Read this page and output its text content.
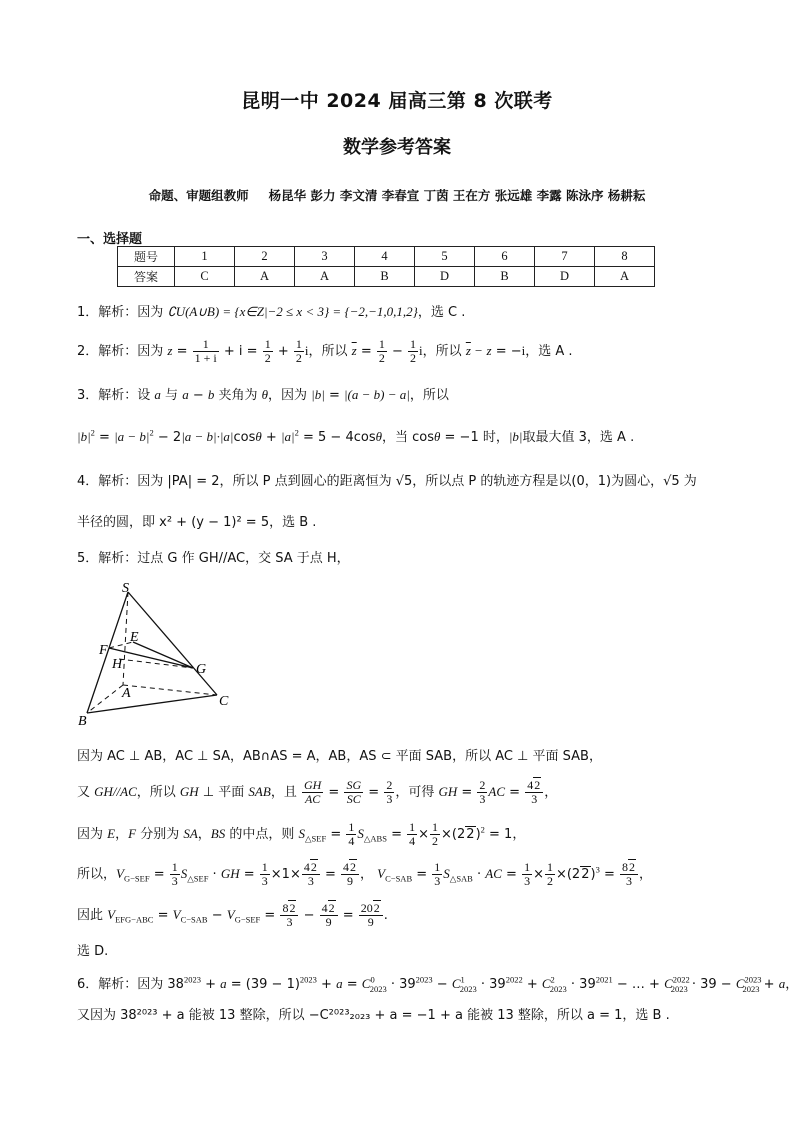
昆明一中 2024 届高三第 8 次联考
数学参考答案
命题、审题组教师 杨昆华 彭力 李文清 李春宣 丁茵 王在方 张远雄 李露 陈泳序 杨耕耘
一、选择题
题号	1	2	3	4	5	6	7	8
答案	C	A	A	B	D	B	D	A
1．解析：因为 ∁U(A∪B) = {x∈Z|−2 ≤ x < 3} = {−2,−1,0,1,2}，选 C .
2．解析：因为 $z = \frac{1}{1 + i} + i = \frac{1}{2} + \frac{1}{2}$ i，所以 $\overline{z} = \frac{1}{2} - \frac{1}{2}$ i，所以 $\overline{z} - z = -i$，选 A .
3．解析：设 a 与 a − b 夹角为 θ，因为 |b| = |(a − b) − a|，所以
$|b|^2 = |a - b|^2 - 2|a - b|\cdot|a|\cos\theta + |a|^2 = 5 - 4\cos\theta$，当 cosθ = −1 时，|b|取最大值 3，选 A .
4．解析：因为 |PA| = 2，所以 P 点到圆心的距离恒为 √5，所以点 P 的轨迹方程是以(0，1)为圆心，√5 为
半径的圆，即 x² + (y − 1)² = 5，选 B .
5．解析：过点 G 作 GH//AC，交 SA 于点 H，
S
E
F
H	G
A
C
B
因为 AC ⊥ AB，AC ⊥ SA，AB∩AS = A，AB，AS ⊂ 平面 SAB，所以 AC ⊥ 平面 SAB，
又 GH//AC，所以 GH ⊥ 平面 SAB，且 $\frac{GH}{AC} = \frac{SG}{SC} = \frac{2}{3}$ ，可得 GH = $\frac{2}{3}$ AC = $\frac{42}{3}$ ，
因为 E，F 分别为 SA，BS 的中点，则 $S_{\triangle SEF} = \frac{1}{4} S_{\triangle ABS} = \frac{1}{4} \times \frac{1}{2} \times(22)^2 = 1$，
所以，$V_{G-SEF} = \frac{1}{3} S_{\triangle SEF}$ · GH = $\frac{1}{3} \times 1\times \frac{42}{3} = \frac{42}{9}$ ， $V_{C-SAB} = \frac{1}{3} S_{\triangle SAB}$ · AC = $\frac{1}{3} \times \frac{1}{2} \times(22)^3 = \frac{82}{3}$ ，
因此 $V_{EFG-ABC} = V_{C-SAB} - V_{G-SEF} = \frac{82}{3} - \frac{42}{9} = \frac{202}{9}$ .
选 D.
6．解析：因为 $38^{2023} + a = (39 - 1)^{2023} + a = C^0_{2023} \cdot 39^{2023} - C^1_{2023} \cdot 39^{2022} + C^2_{2023} \cdot 39^{2021}$ − … + $C^{2022}_{2023} \cdot 39 - C^{2023}_{2023} + a$，
又因为 38²⁰²³ + a 能被 13 整除，所以 −C²⁰²³₂₀₂₃ + a = −1 + a 能被 13 整除，所以 a = 1，选 B .
